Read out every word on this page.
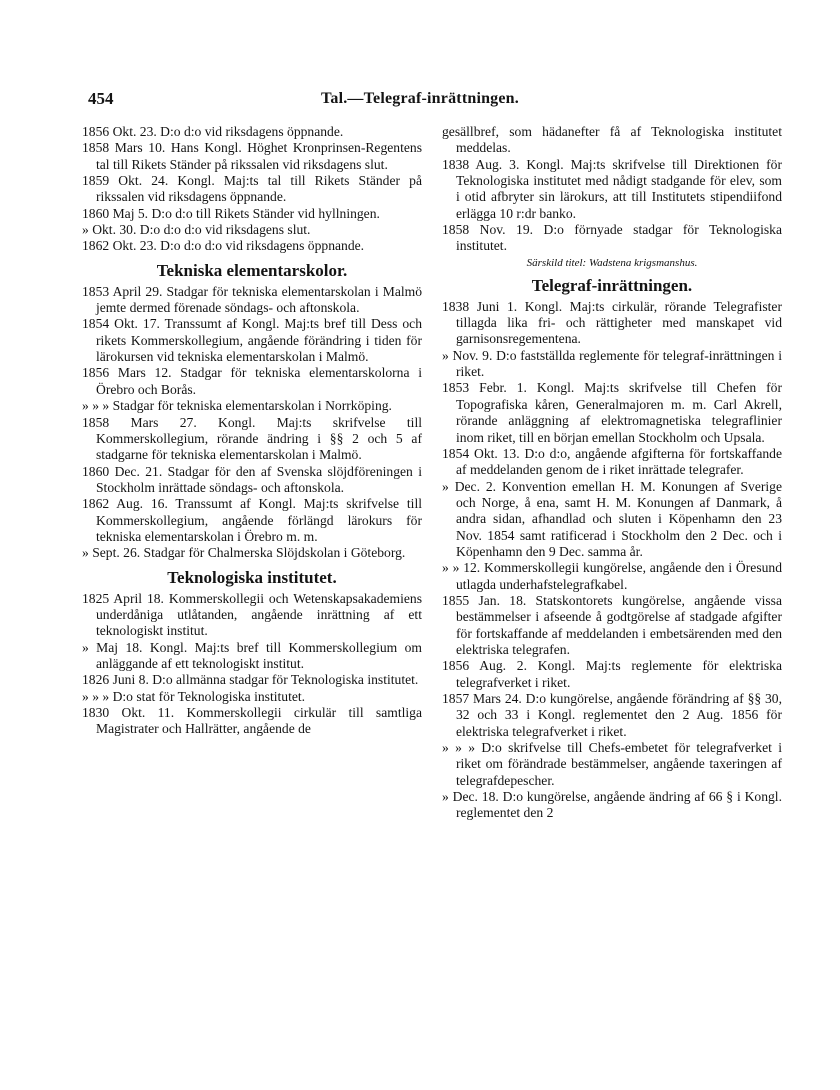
454	Tal.—Telegraf-inrättningen.

1856 Okt. 23. D:o d:o vid riksdagens öppnande.

1858 Mars 10. Hans Kongl. Höghet Kronprinsen-Regentens tal till Rikets Ständer på rikssalen vid riksdagens slut.

1859 Okt. 24. Kongl. Maj:ts tal till Rikets Ständer på rikssalen vid riksdagens öppnande.

1860 Maj 5. D:o d:o till Rikets Ständer vid hyllningen.

» Okt. 30. D:o d:o d:o vid riksdagens slut.

1862 Okt. 23. D:o d:o d:o vid riksdagens öppnande.

Tekniska elementarskolor.

1853 April 29. Stadgar för tekniska elementarskolan i Malmö jemte dermed förenade söndags- och aftonskola.

1854 Okt. 17. Transsumt af Kongl. Maj:ts bref till Dess och rikets Kommerskollegium, angående förändring i tiden för lärokursen vid tekniska elementarskolan i Malmö.

1856 Mars 12. Stadgar för tekniska elementarskolorna i Örebro och Borås.

» » » Stadgar för tekniska elementarskolan i Norrköping.

1858 Mars 27. Kongl. Maj:ts skrifvelse till Kommerskollegium, rörande ändring i §§ 2 och 5 af stadgarne för tekniska elementarskolan i Malmö.

1860 Dec. 21. Stadgar för den af Svenska slöjdföreningen i Stockholm inrättade söndags- och aftonskola.

1862 Aug. 16. Transsumt af Kongl. Maj:ts skrifvelse till Kommerskollegium, angående förlängd lärokurs för tekniska elementarskolan i Örebro m. m.

» Sept. 26. Stadgar för Chalmerska Slöjdskolan i Göteborg.

Teknologiska institutet.

1825 April 18. Kommerskollegii och Wetenskapsakademiens underdåniga utlåtanden, angående inrättning af ett teknologiskt institut.

» Maj 18. Kongl. Maj:ts bref till Kommerskollegium om anläggande af ett teknologiskt institut.

1826 Juni 8. D:o allmänna stadgar för Teknologiska institutet.

» » » D:o stat för Teknologiska institutet.

1830 Okt. 11. Kommerskollegii cirkulär till samtliga Magistrater och Hallrätter, angående de

gesällbref, som hädanefter få af Teknologiska institutet meddelas.

1838 Aug. 3. Kongl. Maj:ts skrifvelse till Direktionen för Teknologiska institutet med nådigt stadgande för elev, som i otid afbryter sin lärokurs, att till Institutets stipendiifond erlägga 10 r:dr banko.

1858 Nov. 19. D:o förnyade stadgar för Teknologiska institutet.

Särskild titel: Wadstena krigsmanshus.
Telegraf-inrättningen.

1838 Juni 1. Kongl. Maj:ts cirkulär, rörande Telegrafister tillagda lika fri- och rättigheter med manskapet vid garnisonsregementena.

» Nov. 9. D:o fastställda reglemente för telegraf-inrättningen i riket.

1853 Febr. 1. Kongl. Maj:ts skrifvelse till Chefen för Topografiska kåren, Generalmajoren m. m. Carl Akrell, rörande anläggning af elektromagnetiska telegraflinier inom riket, till en början emellan Stockholm och Upsala.

1854 Okt. 13. D:o d:o, angående afgifterna för fortskaffande af meddelanden genom de i riket inrättade telegrafer.

» Dec. 2. Konvention emellan H. M. Konungen af Sverige och Norge, å ena, samt H. M. Konungen af Danmark, å andra sidan, afhandlad och sluten i Köpenhamn den 23 Nov. 1854 samt ratificerad i Stockholm den 2 Dec. och i Köpenhamn den 9 Dec. samma år.

» » 12. Kommerskollegii kungörelse, angående den i Öresund utlagda underhafstelegrafkabel.

1855 Jan. 18. Statskontorets kungörelse, angående vissa bestämmelser i afseende å godtgörelse af stadgade afgifter för fortskaffande af meddelanden i embetsärenden med den elektriska telegrafen.

1856 Aug. 2. Kongl. Maj:ts reglemente för elektriska telegrafverket i riket.

1857 Mars 24. D:o kungörelse, angående förändring af §§ 30, 32 och 33 i Kongl. reglementet den 2 Aug. 1856 för elektriska telegrafverket i riket.

» » » D:o skrifvelse till Chefs-embetet för telegrafverket i riket om förändrade bestämmelser, angående taxeringen af telegrafdepescher.

» Dec. 18. D:o kungörelse, angående ändring af 66 § i Kongl. reglementet den 2
